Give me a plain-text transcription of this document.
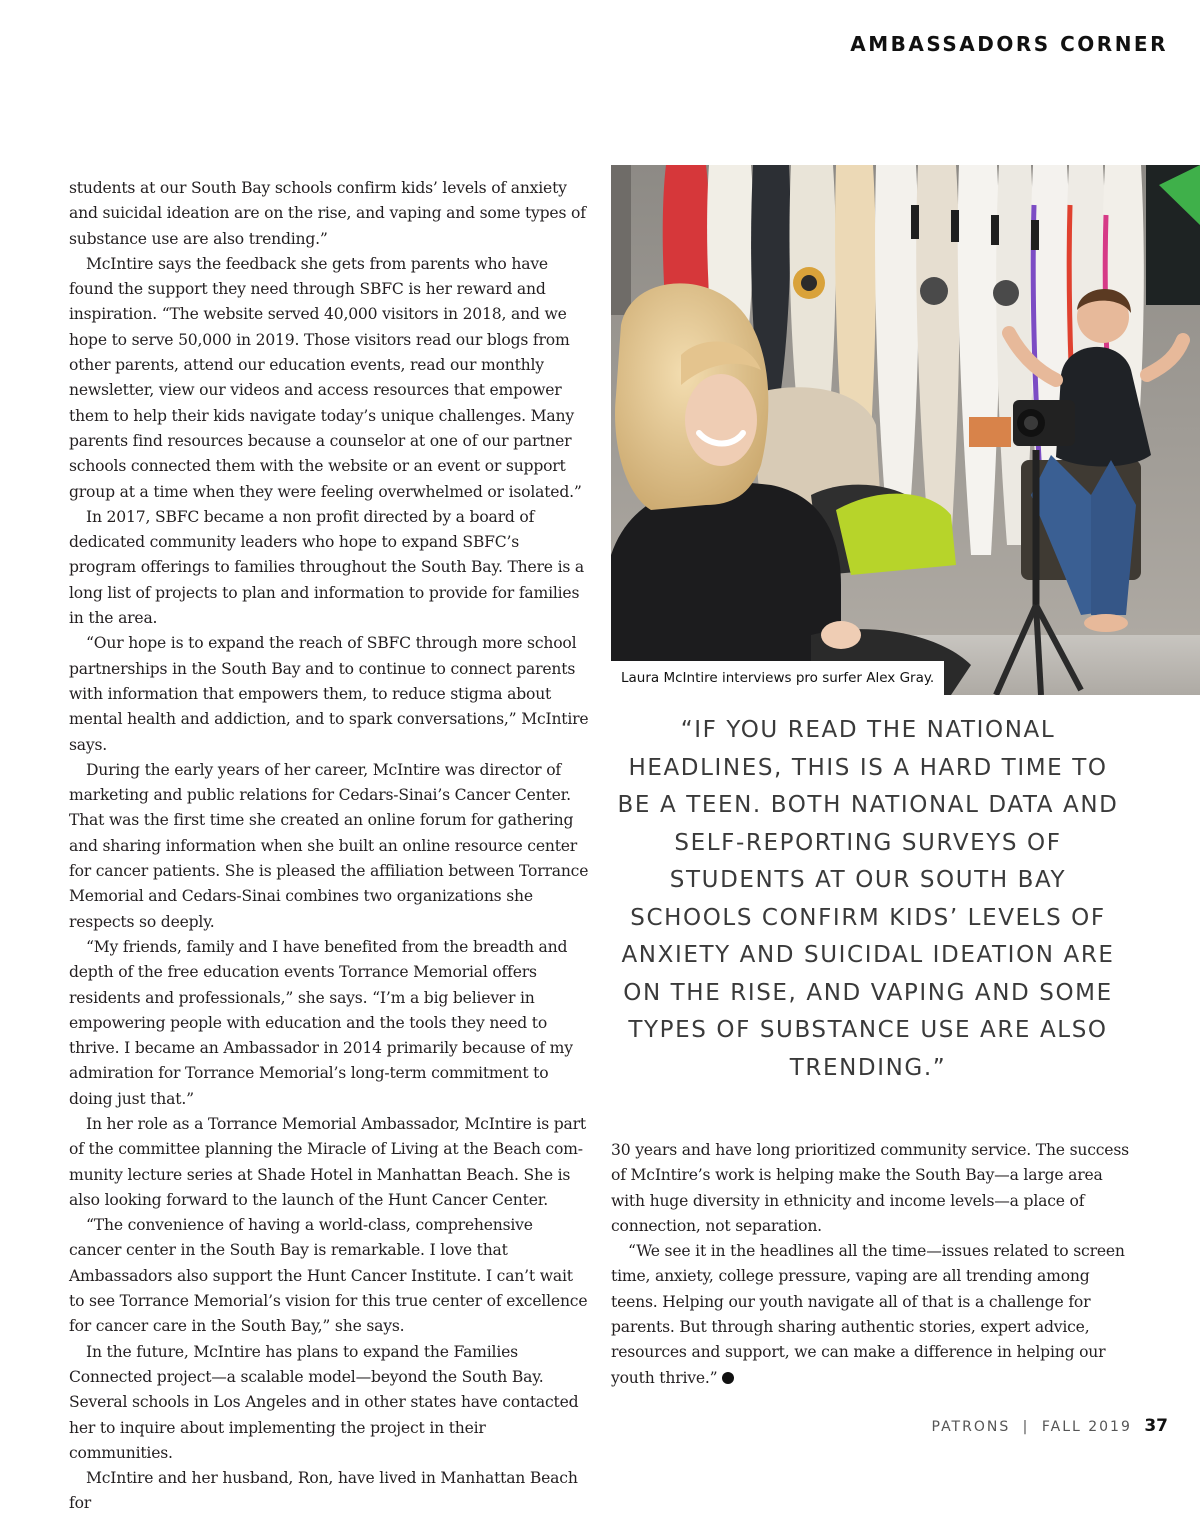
AMBASSADORS CORNER

students at our South Bay schools confirm kids’ levels of anxiety and suicidal ideation are on the rise, and vaping and some types of substance use are also trending.”

McIntire says the feedback she gets from parents who have found the support they need through SBFC is her reward and inspiration. “The website served 40,000 visitors in 2018, and we hope to serve 50,000 in 2019. Those visitors read our blogs from other parents, attend our education events, read our monthly newsletter, view our videos and access resources that empower them to help their kids navigate today’s unique challenges. Many parents find resources because a counselor at one of our partner schools connected them with the website or an event or support group at a time when they were feeling overwhelmed or isolated.”

In 2017, SBFC became a non profit directed by a board of dedicated community leaders who hope to expand SBFC’s program offerings to families throughout the South Bay. There is a long list of projects to plan and information to provide for families in the area.

“Our hope is to expand the reach of SBFC through more school partnerships in the South Bay and to continue to connect parents with information that empowers them, to reduce stigma about mental health and addiction, and to spark conversations,” McIntire says.

During the early years of her career, McIntire was director of marketing and public relations for Cedars-Sinai’s Cancer Center. That was the first time she created an online forum for gathering and sharing information when she built an online resource center for cancer patients. She is pleased the affiliation between Torrance Memorial and Cedars-Sinai combines two organizations she respects so deeply.

“My friends, family and I have benefited from the breadth and depth of the free education events Torrance Memorial offers residents and professionals,” she says. “I’m a big believer in empowering people with education and the tools they need to thrive. I became an Ambassador in 2014 primarily because of my admiration for Torrance Memorial’s long-term commitment to doing just that.”

In her role as a Torrance Memorial Ambassador, McIntire is part of the committee planning the Miracle of Living at the Beach community lecture series at Shade Hotel in Manhattan Beach. She is also looking forward to the launch of the Hunt Cancer Center.

“The convenience of having a world-class, comprehensive cancer center in the South Bay is remarkable. I love that Ambassadors also support the Hunt Cancer Institute. I can’t wait to see Torrance Memorial’s vision for this true center of excellence for cancer care in the South Bay,” she says.

In the future, McIntire has plans to expand the Families Connected project—a scalable model—beyond the South Bay. Several schools in Los Angeles and in other states have contacted her to inquire about implementing the project in their communities.

McIntire and her husband, Ron, have lived in Manhattan Beach for

Laura McIntire interviews pro surfer Alex Gray.

“IF YOU READ THE NATIONAL HEADLINES, THIS IS A HARD TIME TO BE A TEEN. BOTH NATIONAL DATA AND SELF-REPORTING SURVEYS OF STUDENTS AT OUR SOUTH BAY SCHOOLS CONFIRM KIDS’ LEVELS OF ANXIETY AND SUICIDAL IDEATION ARE ON THE RISE, AND VAPING AND SOME TYPES OF SUBSTANCE USE ARE ALSO TRENDING.”

30 years and have long prioritized community service. The success of McIntire’s work is helping make the South Bay—a large area with huge diversity in ethnicity and income levels—a place of connection, not separation.

“We see it in the headlines all the time—issues related to screen time, anxiety, college pressure, vaping are all trending among teens. Helping our youth navigate all of that is a challenge for parents. But through sharing authentic stories, expert advice, resources and support, we can make a difference in helping our youth thrive.”

PATRONS | FALL 2019 37
